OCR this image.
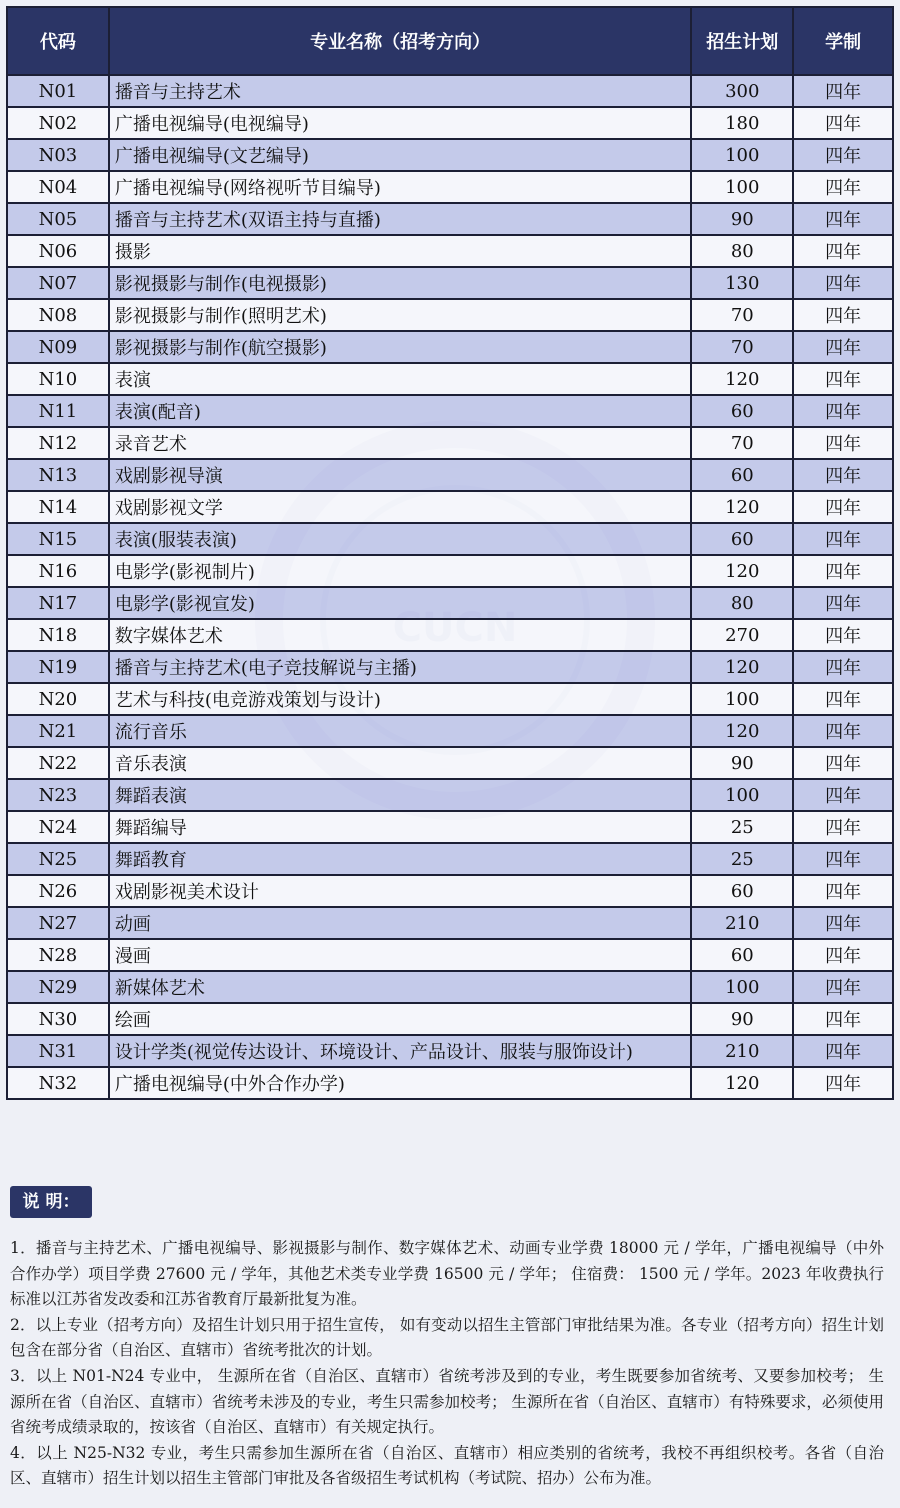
代码	专业名称（招考方向）	招生计划	学制
N01	播音与主持艺术	300	四年
N02	广播电视编导(电视编导)	180	四年
N03	广播电视编导(文艺编导)	100	四年
N04	广播电视编导(网络视听节目编导)	100	四年
N05	播音与主持艺术(双语主持与直播)	90	四年
N06	摄影	80	四年
N07	影视摄影与制作(电视摄影)	130	四年
N08	影视摄影与制作(照明艺术)	70	四年
N09	影视摄影与制作(航空摄影)	70	四年
N10	表演	120	四年
N11	表演(配音)	60	四年
N12	录音艺术	70	四年
N13	戏剧影视导演	60	四年
N14	戏剧影视文学	120	四年
N15	表演(服装表演)	60	四年
N16	电影学(影视制片)	120	四年
N17	电影学(影视宣发)	80	四年
N18	数字媒体艺术	270	四年
N19	播音与主持艺术(电子竞技解说与主播)	120	四年
N20	艺术与科技(电竞游戏策划与设计)	100	四年
N21	流行音乐	120	四年
N22	音乐表演	90	四年
N23	舞蹈表演	100	四年
N24	舞蹈编导	25	四年
N25	舞蹈教育	25	四年
N26	戏剧影视美术设计	60	四年
N27	动画	210	四年
N28	漫画	60	四年
N29	新媒体艺术	100	四年
N30	绘画	90	四年
N31	设计学类(视觉传达设计、环境设计、产品设计、服装与服饰设计)	210	四年
N32	广播电视编导(中外合作办学)	120	四年
说 明：

1．播音与主持艺术、广播电视编导、影视摄影与制作、数字媒体艺术、动画专业学费 18000 元 / 学年，广播电视编导（中外合作办学）项目学费 27600 元 / 学年，其他艺术类专业学费 16500 元 / 学年； 住宿费： 1500 元 / 学年。2023 年收费执行标准以江苏省发改委和江苏省教育厅最新批复为准。

2．以上专业（招考方向）及招生计划只用于招生宣传， 如有变动以招生主管部门审批结果为准。各专业（招考方向）招生计划包含在部分省（自治区、直辖市）省统考批次的计划。

3．以上 N01-N24 专业中， 生源所在省（自治区、直辖市）省统考涉及到的专业，考生既要参加省统考、又要参加校考； 生源所在省（自治区、直辖市）省统考未涉及的专业，考生只需参加校考； 生源所在省（自治区、直辖市）有特殊要求，必须使用省统考成绩录取的，按该省（自治区、直辖市）有关规定执行。

4．以上 N25-N32 专业，考生只需参加生源所在省（自治区、直辖市）相应类别的省统考，我校不再组织校考。各省（自治区、直辖市）招生计划以招生主管部门审批及各省级招生考试机构（考试院、招办）公布为准。
